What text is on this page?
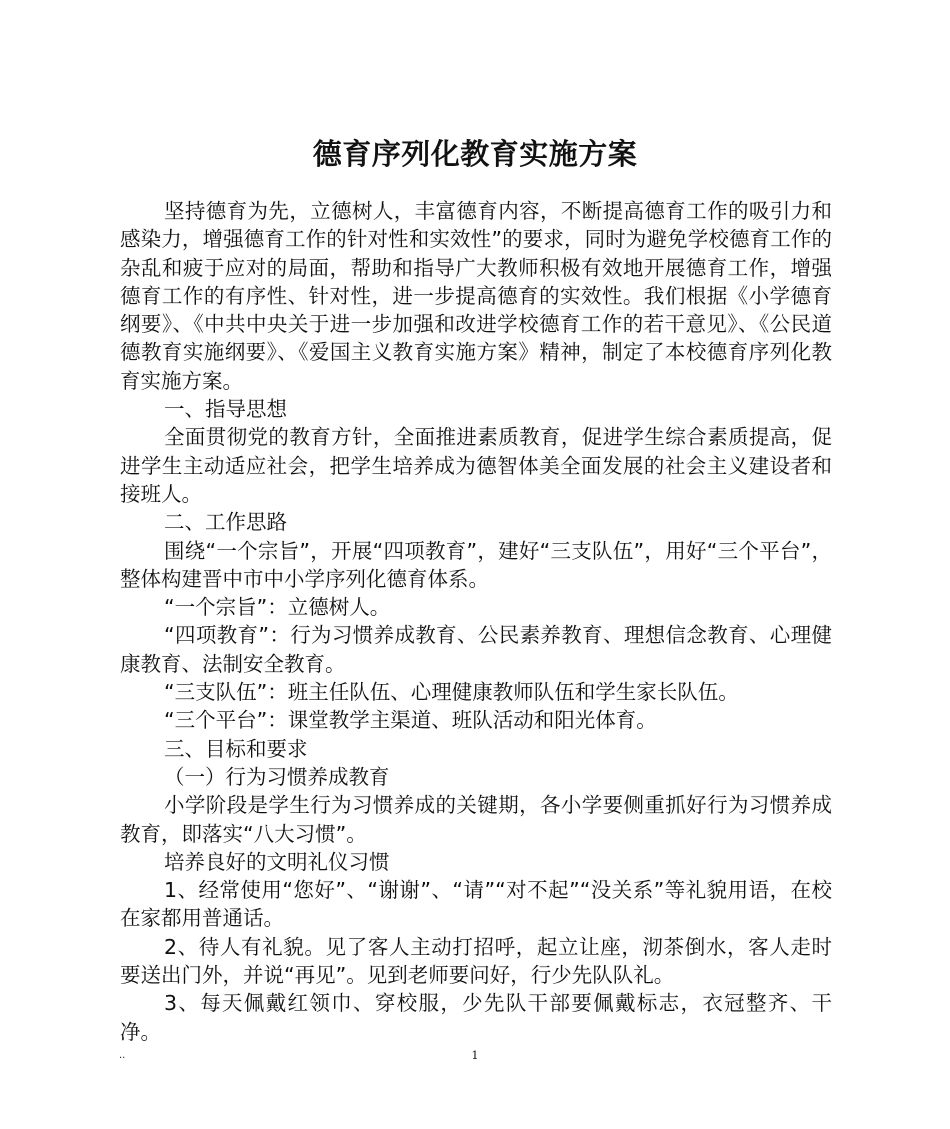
德育序列化教育实施方案

坚持德育为先，立德树人，丰富德育内容，不断提高德育工作的吸引力和感染力，增强德育工作的针对性和实效性”的要求，同时为避免学校德育工作的杂乱和疲于应对的局面，帮助和指导广大教师积极有效地开展德育工作，增强德育工作的有序性、针对性，进一步提高德育的实效性。我们根据《小学德育纲要》、《中共中央关于进一步加强和改进学校德育工作的若干意见》、《公民道德教育实施纲要》、《爱国主义教育实施方案》精神，制定了本校德育序列化教育实施方案。

一、指导思想

全面贯彻党的教育方针，全面推进素质教育，促进学生综合素质提高，促进学生主动适应社会，把学生培养成为德智体美全面发展的社会主义建设者和接班人。

二、工作思路

围绕“一个宗旨”，开展“四项教育”，建好“三支队伍”，用好“三个平台”，整体构建晋中市中小学序列化德育体系。

“一个宗旨”：立德树人。

“四项教育”：行为习惯养成教育、公民素养教育、理想信念教育、心理健康教育、法制安全教育。

“三支队伍”：班主任队伍、心理健康教师队伍和学生家长队伍。

“三个平台”：课堂教学主渠道、班队活动和阳光体育。

三、目标和要求

（一）行为习惯养成教育

小学阶段是学生行为习惯养成的关键期，各小学要侧重抓好行为习惯养成教育，即落实“八大习惯”。

培养良好的文明礼仪习惯

1、经常使用“您好”、“谢谢”、“请”“对不起”“没关系”等礼貌用语，在校在家都用普通话。

2、待人有礼貌。见了客人主动打招呼，起立让座，沏茶倒水，客人走时要送出门外，并说“再见”。见到老师要问好，行少先队队礼。

3、每天佩戴红领巾、穿校服，少先队干部要佩戴标志，衣冠整齐、干净。

..	1
